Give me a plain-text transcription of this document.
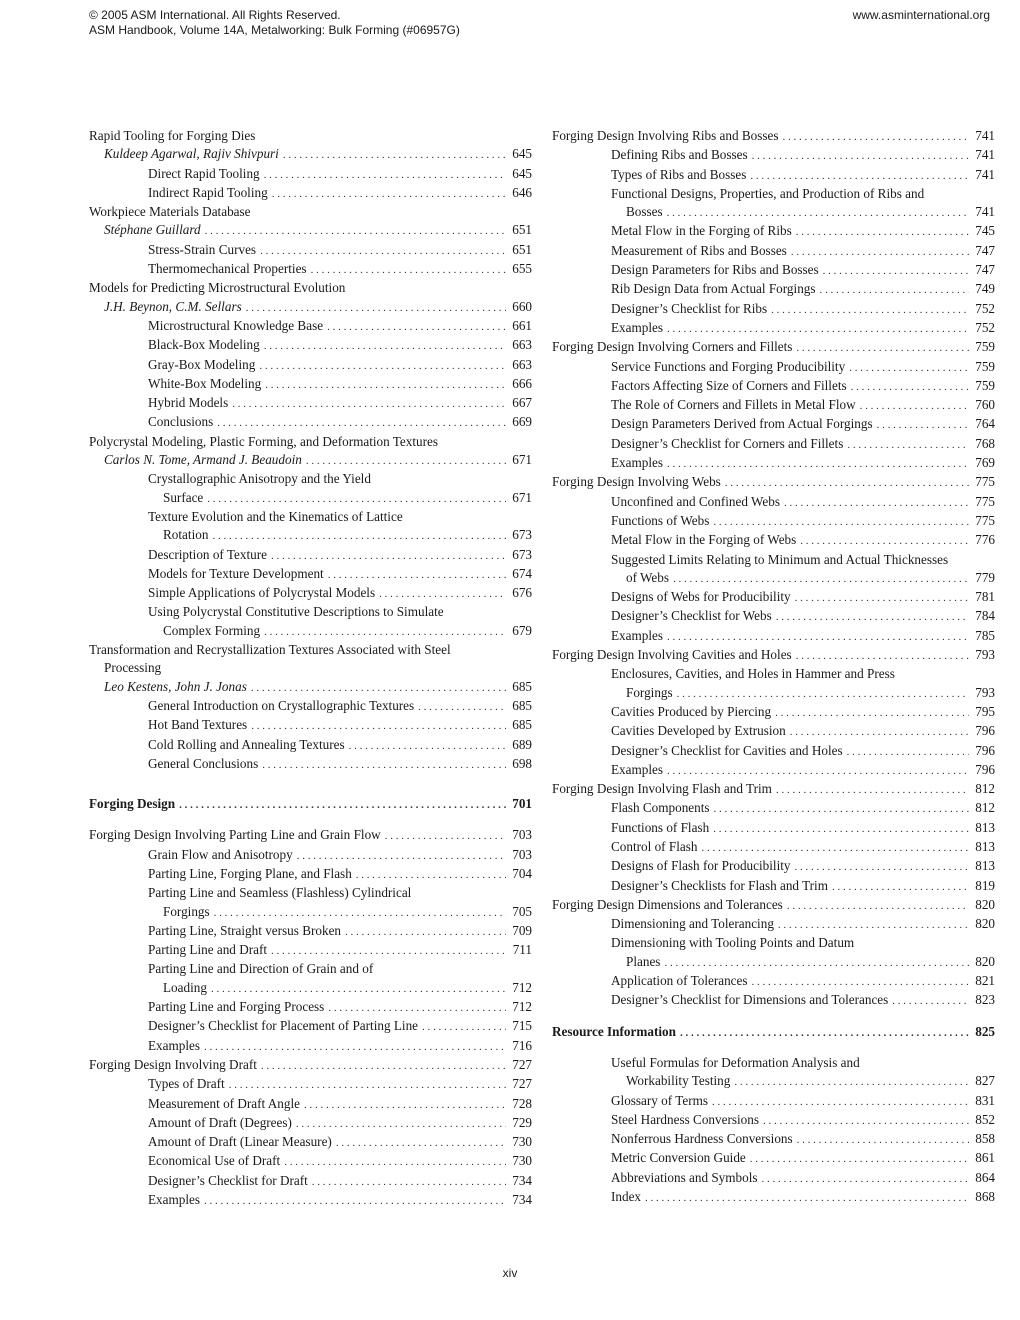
© 2005 ASM International. All Rights Reserved.
ASM Handbook, Volume 14A, Metalworking: Bulk Forming (#06957G)
www.asminternational.org
Rapid Tooling for Forging Dies
Kuldeep Agarwal, Rajiv Shivpuri . . .	645
Direct Rapid Tooling . . .	645
Indirect Rapid Tooling . . .	646
Workpiece Materials Database
Stéphane Guillard . . .	651
Stress-Strain Curves . . .	651
Thermomechanical Properties . . .	655
Models for Predicting Microstructural Evolution
J.H. Beynon, C.M. Sellars . . .	660
Microstructural Knowledge Base . . .	661
Black-Box Modeling . . .	663
Gray-Box Modeling . . .	663
White-Box Modeling . . .	666
Hybrid Models . . .	667
Conclusions . . .	669
Polycrystal Modeling, Plastic Forming, and Deformation Textures
Carlos N. Tome, Armand J. Beaudoin . . .	671
Crystallographic Anisotropy and the Yield
Surface . . .	671
Texture Evolution and the Kinematics of Lattice
Rotation . . .	673
Description of Texture . . .	673
Models for Texture Development . . .	674
Simple Applications of Polycrystal Models . . .	676
Using Polycrystal Constitutive Descriptions to Simulate
Complex Forming . . .	679
Transformation and Recrystallization Textures Associated with Steel
Processing
Leo Kestens, John J. Jonas . . .	685
General Introduction on Crystallographic Textures . . .	685
Hot Band Textures . . .	685
Cold Rolling and Annealing Textures . . .	689
General Conclusions . . .	698
Forging Design . . .	701
Forging Design Involving Parting Line and Grain Flow . . .	703
Grain Flow and Anisotropy . . .	703
Parting Line, Forging Plane, and Flash . . .	704
Parting Line and Seamless (Flashless) Cylindrical
Forgings . . .	705
Parting Line, Straight versus Broken . . .	709
Parting Line and Draft . . .	711
Parting Line and Direction of Grain and of
Loading . . .	712
Parting Line and Forging Process . . .	712
Designer’s Checklist for Placement of Parting Line . . .	715
Examples . . .	716
Forging Design Involving Draft . . .	727
Types of Draft . . .	727
Measurement of Draft Angle . . .	728
Amount of Draft (Degrees) . . .	729
Amount of Draft (Linear Measure) . . .	730
Economical Use of Draft . . .	730
Designer’s Checklist for Draft . . .	734
Examples . . .	734
Forging Design Involving Ribs and Bosses . . .	741
Defining Ribs and Bosses . . .	741
Types of Ribs and Bosses . . .	741
Functional Designs, Properties, and Production of Ribs and
Bosses . . .	741
Metal Flow in the Forging of Ribs . . .	745
Measurement of Ribs and Bosses . . .	747
Design Parameters for Ribs and Bosses . . .	747
Rib Design Data from Actual Forgings . . .	749
Designer’s Checklist for Ribs . . .	752
Examples . . .	752
Forging Design Involving Corners and Fillets . . .	759
Service Functions and Forging Producibility . . .	759
Factors Affecting Size of Corners and Fillets . . .	759
The Role of Corners and Fillets in Metal Flow . . .	760
Design Parameters Derived from Actual Forgings . . .	764
Designer’s Checklist for Corners and Fillets . . .	768
Examples . . .	769
Forging Design Involving Webs . . .	775
Unconfined and Confined Webs . . .	775
Functions of Webs . . .	775
Metal Flow in the Forging of Webs . . .	776
Suggested Limits Relating to Minimum and Actual Thicknesses
of Webs . . .	779
Designs of Webs for Producibility . . .	781
Designer’s Checklist for Webs . . .	784
Examples . . .	785
Forging Design Involving Cavities and Holes . . .	793
Enclosures, Cavities, and Holes in Hammer and Press
Forgings . . .	793
Cavities Produced by Piercing . . .	795
Cavities Developed by Extrusion . . .	796
Designer’s Checklist for Cavities and Holes . . .	796
Examples . . .	796
Forging Design Involving Flash and Trim . . .	812
Flash Components . . .	812
Functions of Flash . . .	813
Control of Flash . . .	813
Designs of Flash for Producibility . . .	813
Designer’s Checklists for Flash and Trim . . .	819
Forging Design Dimensions and Tolerances . . .	820
Dimensioning and Tolerancing . . .	820
Dimensioning with Tooling Points and Datum
Planes . . .	820
Application of Tolerances . . .	821
Designer’s Checklist for Dimensions and Tolerances . . .	823
Resource Information . . .	825
Useful Formulas for Deformation Analysis and
Workability Testing . . .	827
Glossary of Terms . . .	831
Steel Hardness Conversions . . .	852
Nonferrous Hardness Conversions . . .	858
Metric Conversion Guide . . .	861
Abbreviations and Symbols . . .	864
Index . . .	868
xiv
